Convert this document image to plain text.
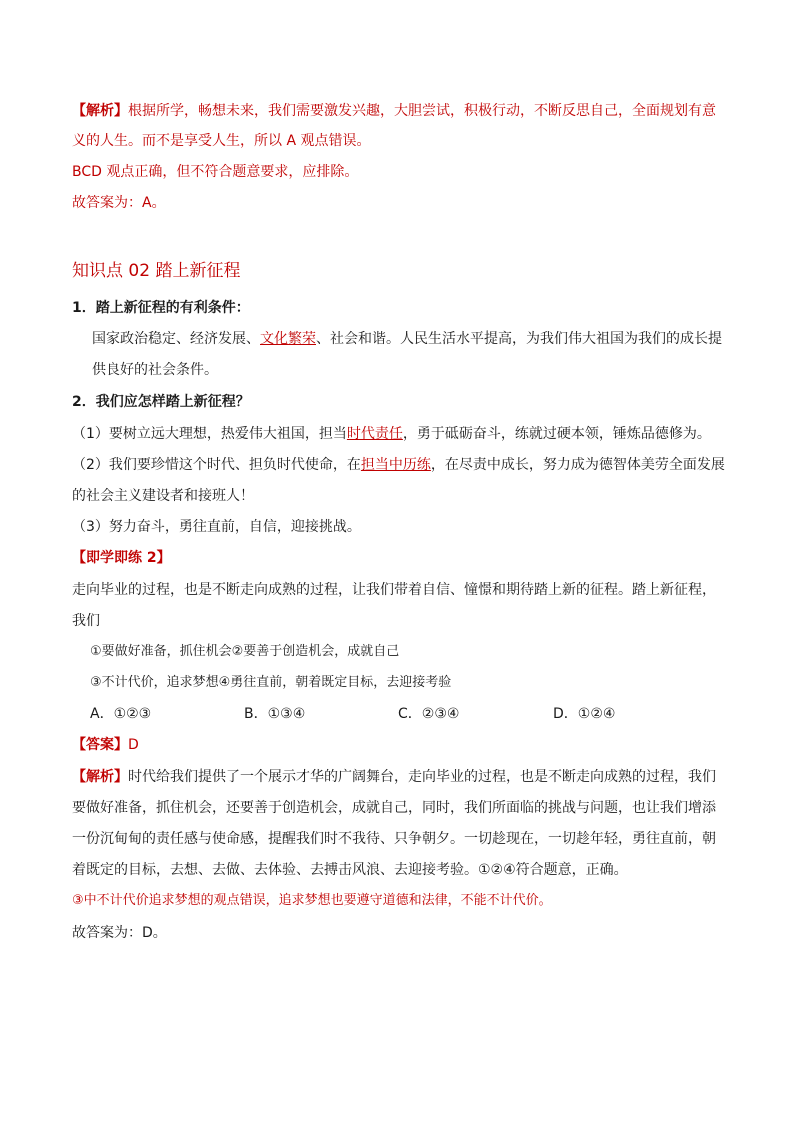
【解析】根据所学，畅想未来，我们需要激发兴趣，大胆尝试，积极行动，不断反思自己，全面规划有意
义的人生。而不是享受人生，所以 A 观点错误。
BCD 观点正确，但不符合题意要求，应排除。
故答案为：A。
知识点 02 踏上新征程
1．踏上新征程的有利条件：
国家政治稳定、经济发展、文化繁荣、社会和谐。人民生活水平提高，为我们伟大祖国为我们的成长提
供良好的社会条件。
2．我们应怎样踏上新征程？
（1）要树立远大理想，热爱伟大祖国，担当时代责任，勇于砥砺奋斗，练就过硬本领，锤炼品德修为。
（2）我们要珍惜这个时代、担负时代使命，在担当中历练，在尽责中成长，努力成为德智体美劳全面发展
的社会主义建设者和接班人！
（3）努力奋斗，勇往直前，自信，迎接挑战。
【即学即练 2】
走向毕业的过程，也是不断走向成熟的过程，让我们带着自信、憧憬和期待踏上新的征程。踏上新征程，
我们
①要做好准备，抓住机会②要善于创造机会，成就自己
③不计代价，追求梦想④勇往直前，朝着既定目标，去迎接考验
A．①②③	B．①③④	C．②③④	D．①②④
【答案】D
【解析】时代给我们提供了一个展示才华的广阔舞台，走向毕业的过程，也是不断走向成熟的过程，我们
要做好准备，抓住机会，还要善于创造机会，成就自己，同时，我们所面临的挑战与问题，也让我们增添
一份沉甸甸的责任感与使命感，提醒我们时不我待、只争朝夕。一切趁现在，一切趁年轻，勇往直前，朝
着既定的目标，去想、去做、去体验、去搏击风浪、去迎接考验。①②④符合题意，正确。
③中不计代价追求梦想的观点错误，追求梦想也要遵守道德和法律，不能不计代价。
故答案为：D。
